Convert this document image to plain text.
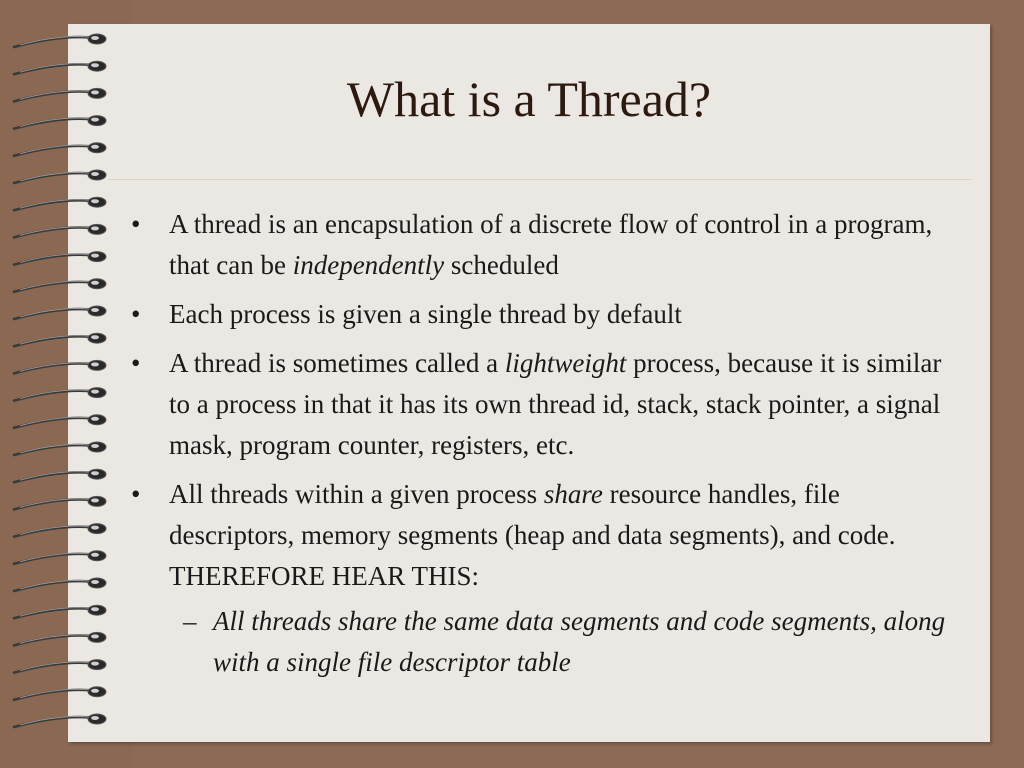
What is a Thread?
• A thread is an encapsulation of a discrete flow of control in a program, that can be independently scheduled
• Each process is given a single thread by default
• A thread is sometimes called a lightweight process, because it is similar to a process in that it has its own thread id, stack, stack pointer, a signal mask, program counter, registers, etc.
• All threads within a given process share resource handles, file descriptors, memory segments (heap and data segments), and code. THEREFORE HEAR THIS:
– All threads share the same data segments and code segments, along with a single file descriptor table
